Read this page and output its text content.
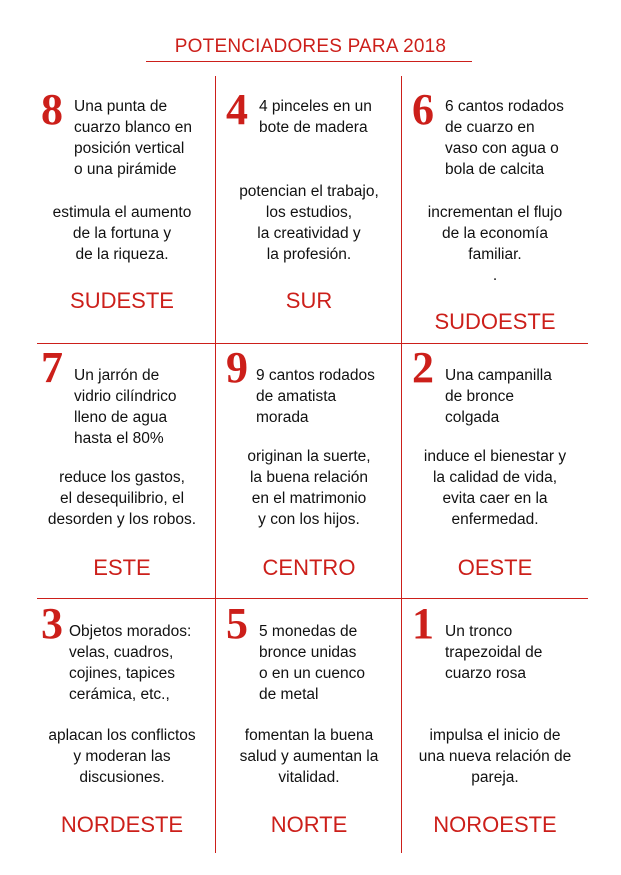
POTENCIADORES PARA 2018
8 Una punta de
cuarzo blanco en
posición vertical
o una pirámide
estimula el aumento
de la fortuna y
de la riqueza.
SUDESTE
4 4 pinceles en un
bote de madera
potencian el trabajo,
los estudios,
la creatividad y
la profesión.
SUR
6 6 cantos rodados
de cuarzo en
vaso con agua o
bola de calcita
incrementan el flujo
de la economía
familiar.
.
SUDOESTE
7 Un jarrón de
vidrio cilíndrico
lleno de agua
hasta el 80%
reduce los gastos,
el desequilibrio, el
desorden y los robos.
ESTE
9 9 cantos rodados
de amatista
morada
originan la suerte,
la buena relación
en el matrimonio
y con los hijos.
CENTRO
2 Una campanilla
de bronce
colgada
induce el bienestar y
la calidad de vida,
evita caer en la
enfermedad.
OESTE
3 Objetos morados:
velas, cuadros,
cojines, tapices
cerámica, etc.,
aplacan los conflictos
y moderan las
discusiones.
NORDESTE
5 5 monedas de
bronce unidas
o en un cuenco
de metal
fomentan la buena
salud y aumentan la
vitalidad.
NORTE
1 Un tronco
trapezoidal de
cuarzo rosa
impulsa el inicio de
una nueva relación de
pareja.
NOROESTE
